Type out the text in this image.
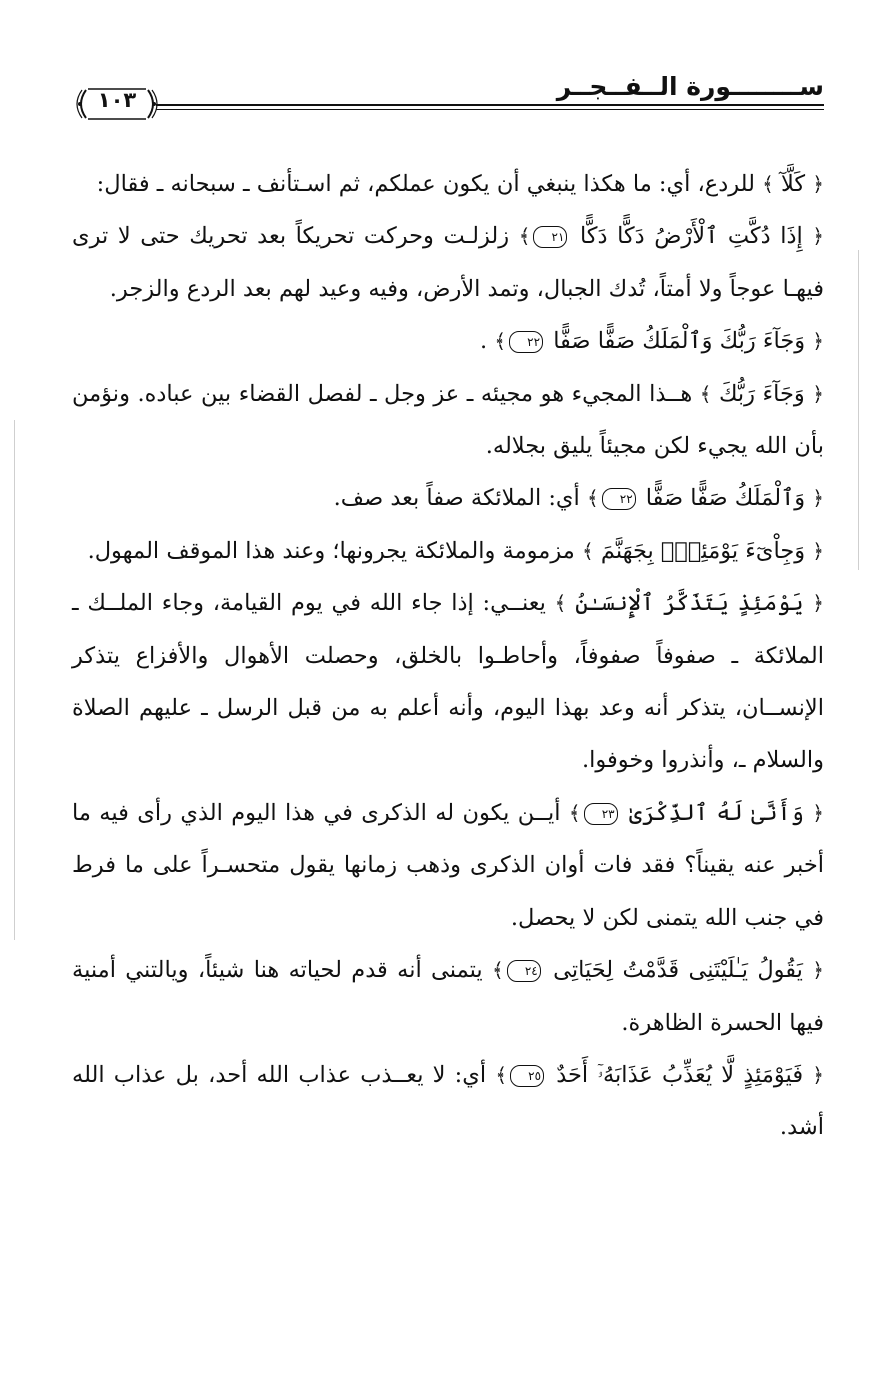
١٠٣	ســــــــورة الــفــجــر

﴿ كَلَّآ ﴾ للردع، أي: ما هكذا ينبغي أن يكون عملكم، ثم اسـتأنف ـ سبحانه ـ فقال:

﴿ إِذَا دُكَّتِ ٱلْأَرْضُ دَكًّا دَكًّا ٢١﴾ زلزلـت وحركت تحريكاً بعد تحريك حتى لا ترى فيهـا عوجاً ولا أمتاً، تُدك الجبال، وتمد الأرض، وفيه وعيد لهم بعد الردع والزجر.

﴿ وَجَآءَ رَبُّكَ وَٱلْمَلَكُ صَفًّا صَفًّا ٢٢﴾ .

﴿ وَجَآءَ رَبُّكَ ﴾ هــذا المجيء هو مجيئه ـ عز وجل ـ لفصل القضاء بين عباده. ونؤمن بأن الله يجيء لكن مجيئاً يليق بجلاله.

﴿ وَٱلْمَلَكُ صَفًّا صَفًّا ٢٢﴾ أي: الملائكة صفاً بعد صف.

﴿ وَجِاْىٓءَ يَوْمَئِذٍۭ بِجَهَنَّمَ ﴾ مزمومة والملائكة يجرونها؛ وعند هذا الموقف المهول.

﴿ يَوْمَئِذٍ يَتَذَكَّرُ ٱلْإِنسَـٰنُ ﴾ يعنــي: إذا جاء الله في يوم القيامة، وجاء الملــك ـ الملائكة ـ صفوفاً صفوفاً، وأحاطـوا بالخلق، وحصلت الأهوال والأفزاع يتذكر الإنســان، يتذكر أنه وعد بهذا اليوم، وأنه أعلم به من قبل الرسل ـ عليهم الصلاة والسلام ـ، وأنذروا وخوفوا.

﴿ وَأَنَّىٰ لَهُ ٱلذِّكْرَىٰ ٢٣﴾ أيــن يكون له الذكرى في هذا اليوم الذي رأى فيه ما أخبر عنه يقيناً؟ فقد فات أوان الذكرى وذهب زمانها يقول متحسـراً على ما فرط في جنب الله يتمنى لكن لا يحصل.

﴿ يَقُولُ يَـٰلَيْتَنِى قَدَّمْتُ لِحَيَاتِى ٢٤﴾ يتمنى أنه قدم لحياته هنا شيئاً، ويالتني أمنية فيها الحسرة الظاهرة.

﴿ فَيَوْمَئِذٍ لَّا يُعَذِّبُ عَذَابَهُۥٓ أَحَدٌ ٢٥﴾ أي: لا يعــذب عذاب الله أحد، بل عذاب الله أشد.
